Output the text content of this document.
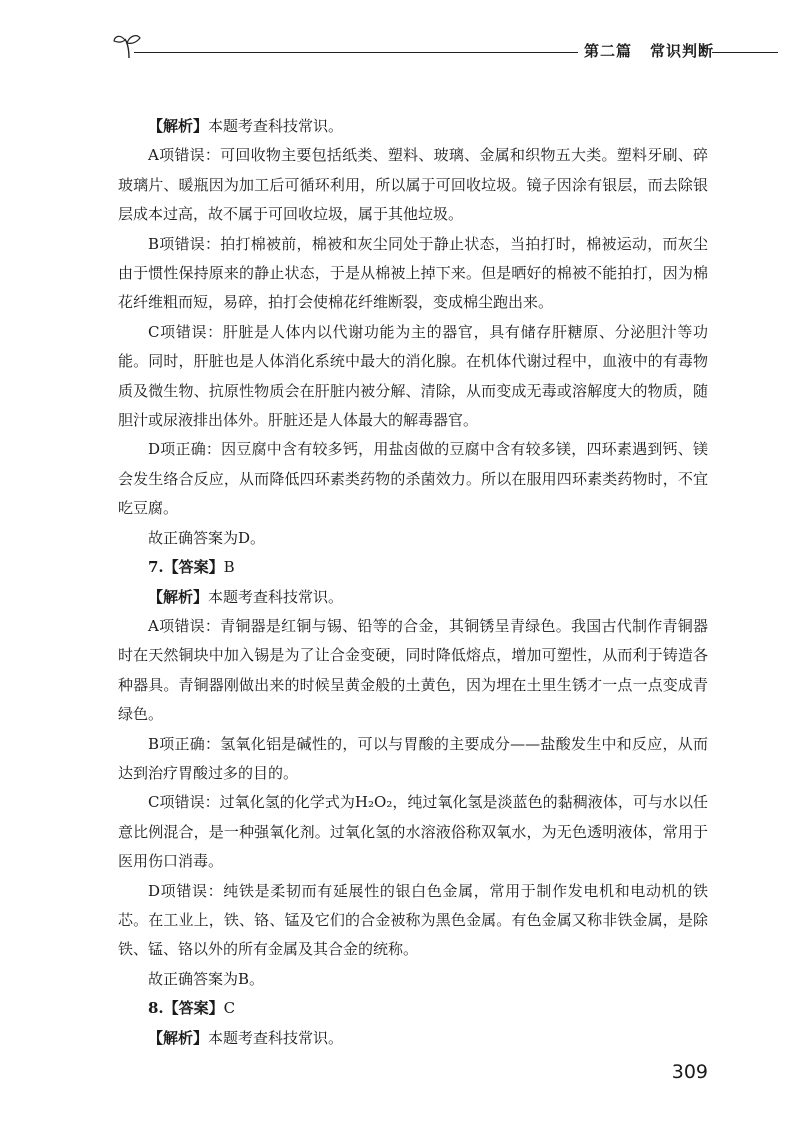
第二篇 常识判断

【解析】本题考查科技常识。

A项错误：可回收物主要包括纸类、塑料、玻璃、金属和织物五大类。塑料牙刷、碎玻璃片、暖瓶因为加工后可循环利用，所以属于可回收垃圾。镜子因涂有银层，而去除银层成本过高，故不属于可回收垃圾，属于其他垃圾。

B项错误：拍打棉被前，棉被和灰尘同处于静止状态，当拍打时，棉被运动，而灰尘由于惯性保持原来的静止状态，于是从棉被上掉下来。但是晒好的棉被不能拍打，因为棉花纤维粗而短，易碎，拍打会使棉花纤维断裂，变成棉尘跑出来。

C项错误：肝脏是人体内以代谢功能为主的器官，具有储存肝糖原、分泌胆汁等功能。同时，肝脏也是人体消化系统中最大的消化腺。在机体代谢过程中，血液中的有毒物质及微生物、抗原性物质会在肝脏内被分解、清除，从而变成无毒或溶解度大的物质，随胆汁或尿液排出体外。肝脏还是人体最大的解毒器官。

D项正确：因豆腐中含有较多钙，用盐卤做的豆腐中含有较多镁，四环素遇到钙、镁会发生络合反应，从而降低四环素类药物的杀菌效力。所以在服用四环素类药物时，不宜吃豆腐。

故正确答案为D。

7.【答案】B

【解析】本题考查科技常识。

A项错误：青铜器是红铜与锡、铅等的合金，其铜锈呈青绿色。我国古代制作青铜器时在天然铜块中加入锡是为了让合金变硬，同时降低熔点，增加可塑性，从而利于铸造各种器具。青铜器刚做出来的时候呈黄金般的土黄色，因为埋在土里生锈才一点一点变成青绿色。

B项正确：氢氧化铝是碱性的，可以与胃酸的主要成分——盐酸发生中和反应，从而达到治疗胃酸过多的目的。

C项错误：过氧化氢的化学式为H₂O₂，纯过氧化氢是淡蓝色的黏稠液体，可与水以任意比例混合，是一种强氧化剂。过氧化氢的水溶液俗称双氧水，为无色透明液体，常用于医用伤口消毒。

D项错误：纯铁是柔韧而有延展性的银白色金属，常用于制作发电机和电动机的铁芯。在工业上，铁、铬、锰及它们的合金被称为黑色金属。有色金属又称非铁金属，是除铁、锰、铬以外的所有金属及其合金的统称。

故正确答案为B。

8.【答案】C

【解析】本题考查科技常识。

309
